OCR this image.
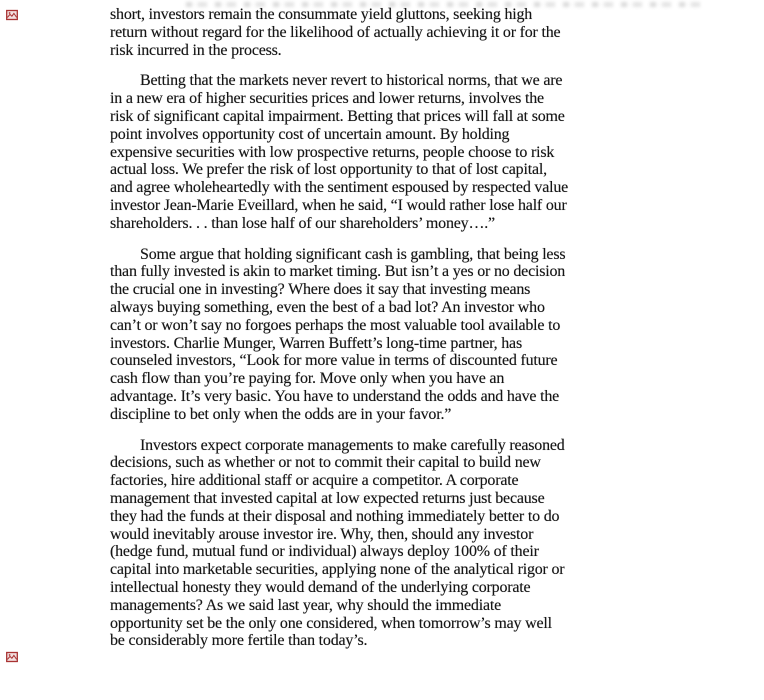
short, investors remain the consummate yield gluttons, seeking high
return without regard for the likelihood of actually achieving it or for the
risk incurred in the process.

Betting that the markets never revert to historical norms, that we are
in a new era of higher securities prices and lower returns, involves the
risk of significant capital impairment. Betting that prices will fall at some
point involves opportunity cost of uncertain amount. By holding
expensive securities with low prospective returns, people choose to risk
actual loss. We prefer the risk of lost opportunity to that of lost capital,
and agree wholeheartedly with the sentiment espoused by respected value
investor Jean-Marie Eveillard, when he said, “I would rather lose half our
shareholders. . . than lose half of our shareholders’ money….”

Some argue that holding significant cash is gambling, that being less
than fully invested is akin to market timing. But isn’t a yes or no decision
the crucial one in investing? Where does it say that investing means
always buying something, even the best of a bad lot? An investor who
can’t or won’t say no forgoes perhaps the most valuable tool available to
investors. Charlie Munger, Warren Buffett’s long-time partner, has
counseled investors, “Look for more value in terms of discounted future
cash flow than you’re paying for. Move only when you have an
advantage. It’s very basic. You have to understand the odds and have the
discipline to bet only when the odds are in your favor.”

Investors expect corporate managements to make carefully reasoned
decisions, such as whether or not to commit their capital to build new
factories, hire additional staff or acquire a competitor. A corporate
management that invested capital at low expected returns just because
they had the funds at their disposal and nothing immediately better to do
would inevitably arouse investor ire. Why, then, should any investor
(hedge fund, mutual fund or individual) always deploy 100% of their
capital into marketable securities, applying none of the analytical rigor or
intellectual honesty they would demand of the underlying corporate
managements? As we said last year, why should the immediate
opportunity set be the only one considered, when tomorrow’s may well
be considerably more fertile than today’s.
